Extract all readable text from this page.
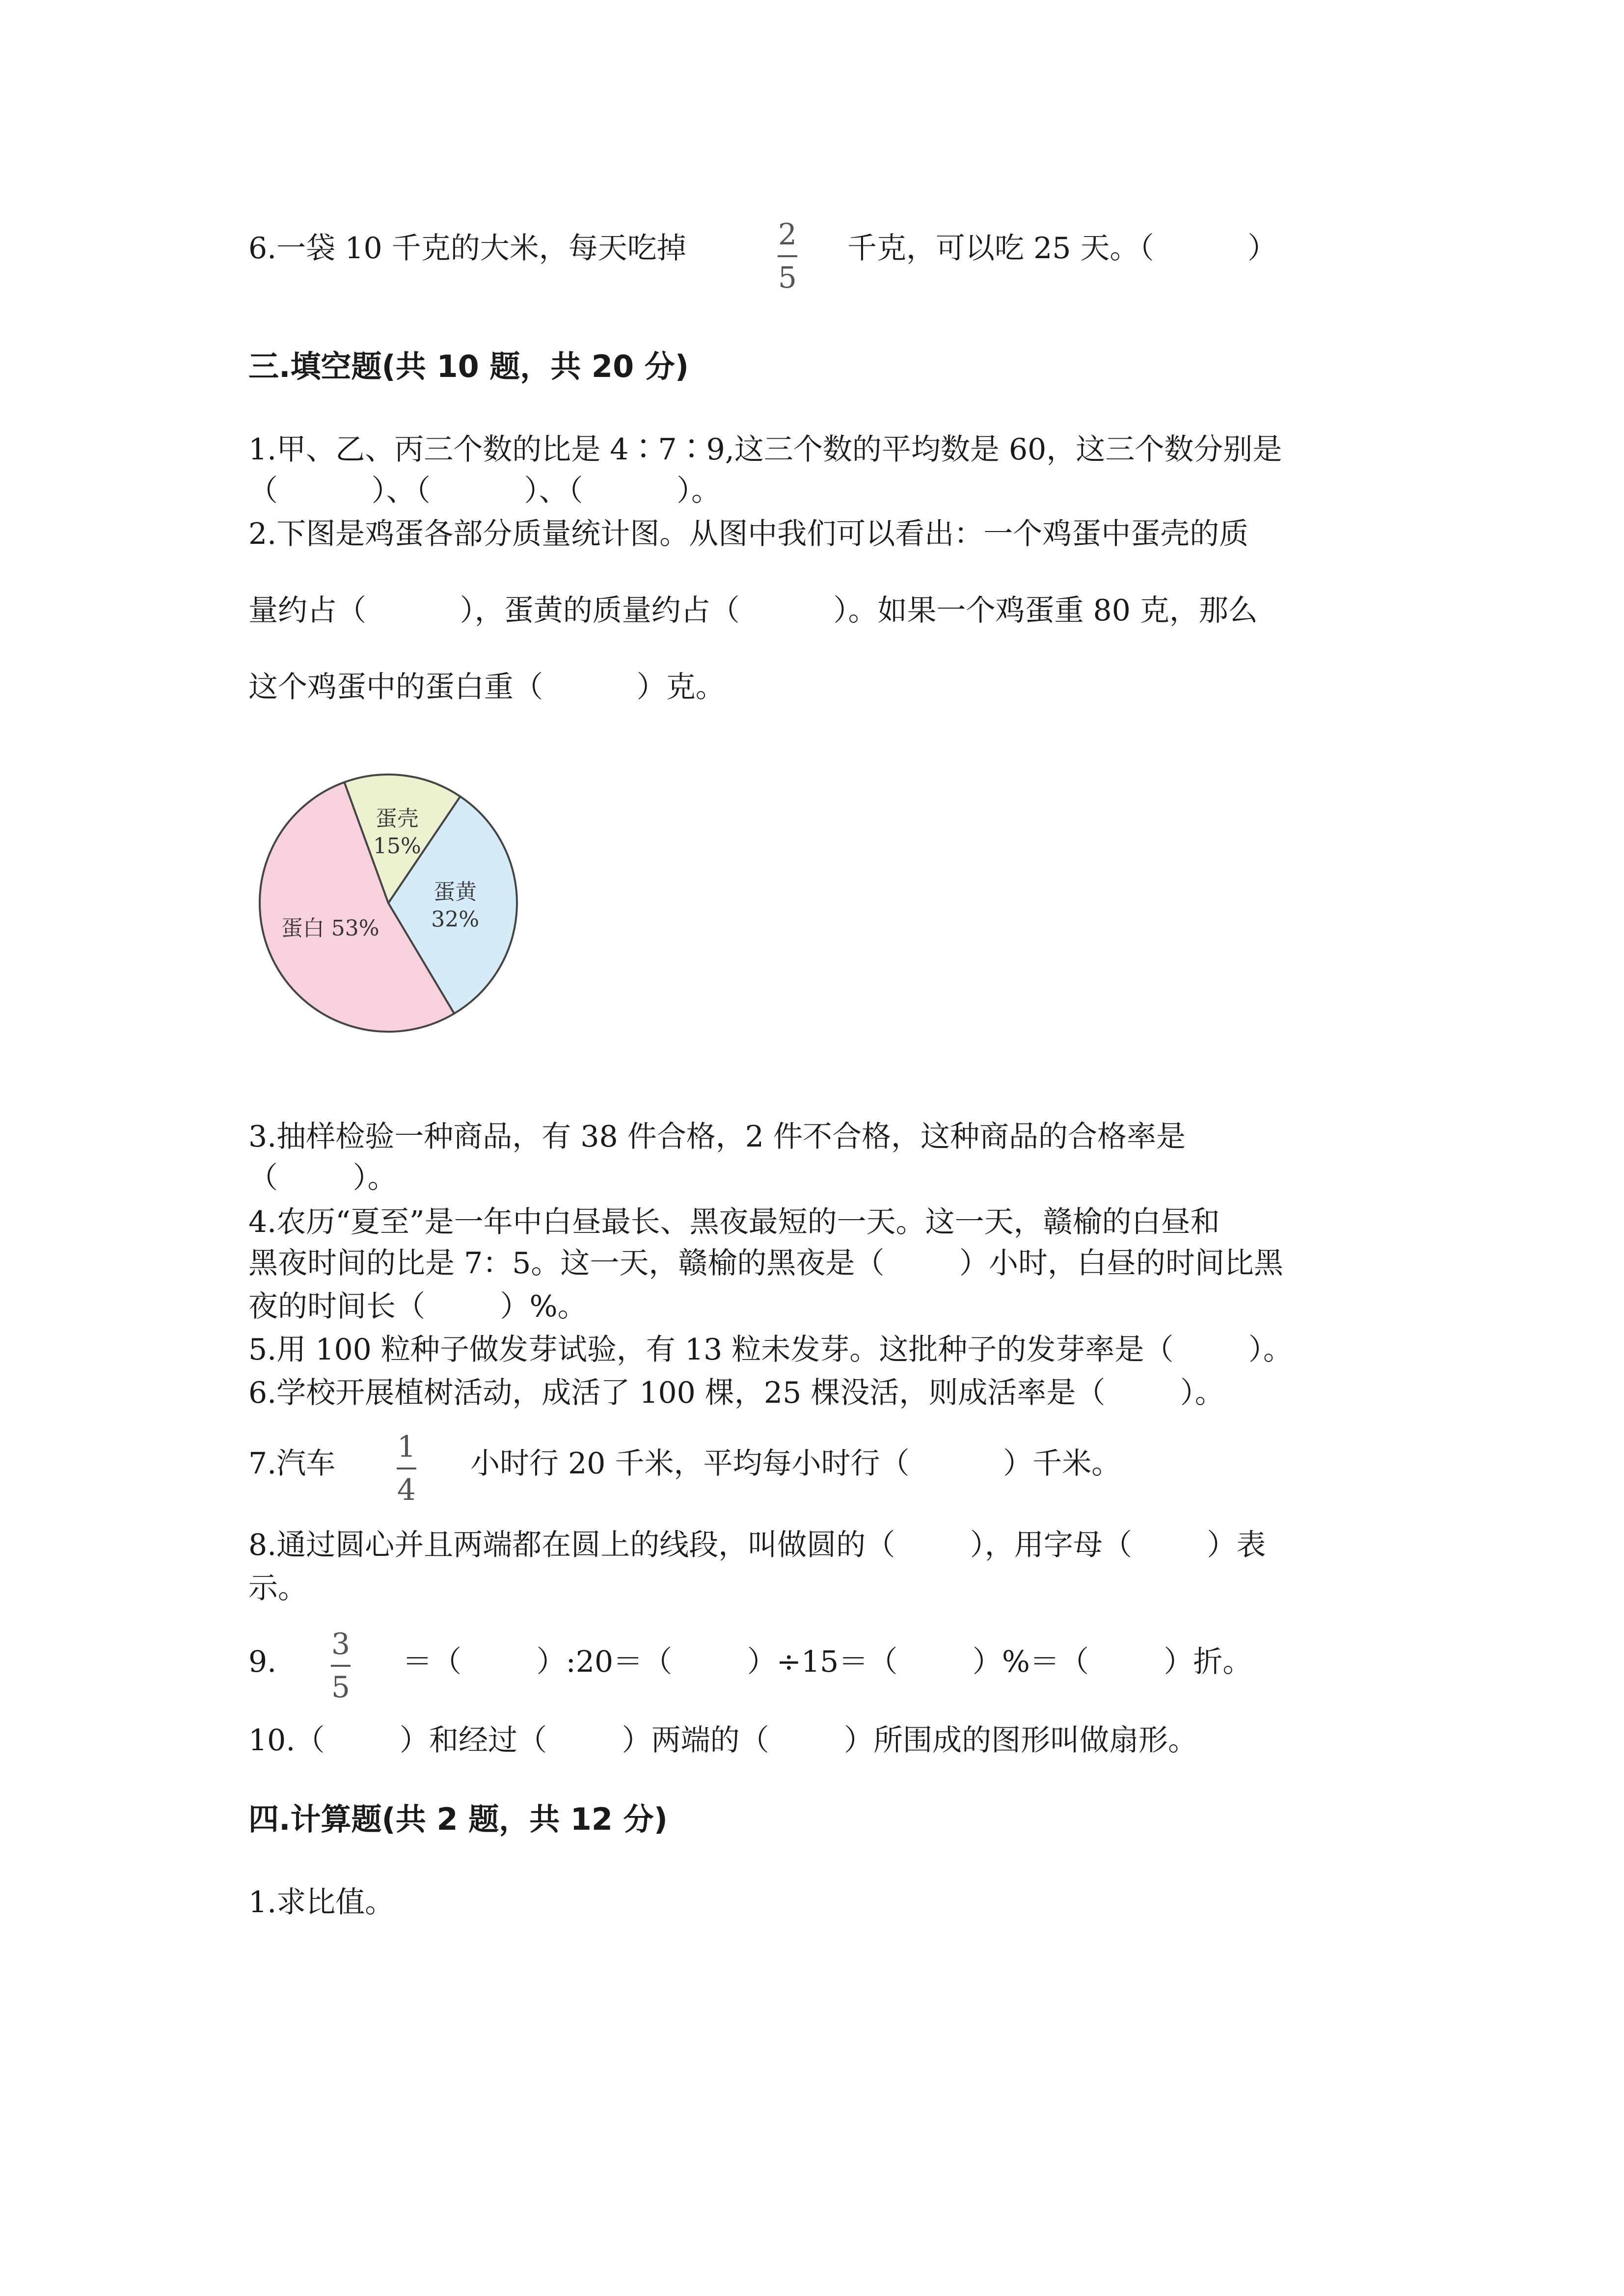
6.一袋 10 千克的大米，每天吃掉	2
5
千克，可以吃 25 天。（          ）
三.填空题(共 10 题，共 20 分)
1.甲、乙、丙三个数的比是 4∶7∶9,这三个数的平均数是 60，这三个数分别是
（          ）、（          ）、（          ）。
2.下图是鸡蛋各部分质量统计图。从图中我们可以看出：一个鸡蛋中蛋壳的质
量约占（          ），蛋黄的质量约占（          ）。如果一个鸡蛋重 80 克，那么
这个鸡蛋中的蛋白重（          ）克。
蛋壳
15%
蛋黄
32%
蛋白 53%
3.抽样检验一种商品，有 38 件合格，2 件不合格，这种商品的合格率是
（        ）。
4.农历“夏至”是一年中白昼最长、黑夜最短的一天。这一天，赣榆的白昼和
黑夜时间的比是 7：5。这一天，赣榆的黑夜是（        ）小时，白昼的时间比黑
夜的时间长（        ）%。
5.用 100 粒种子做发芽试验，有 13 粒未发芽。这批种子的发芽率是（        ）。
6.学校开展植树活动，成活了 100 棵，25 棵没活，则成活率是（        ）。
7.汽车 1
4
小时行 20 千米，平均每小时行（          ）千米。
8.通过圆心并且两端都在圆上的线段，叫做圆的（        ），用字母（        ）表
示。
9.
3
5
＝（        ）:20＝（        ）÷15＝（        ）%＝（        ）折。
10.（        ）和经过（        ）两端的（        ）所围成的图形叫做扇形。
四.计算题(共 2 题，共 12 分)
1.求比值。
